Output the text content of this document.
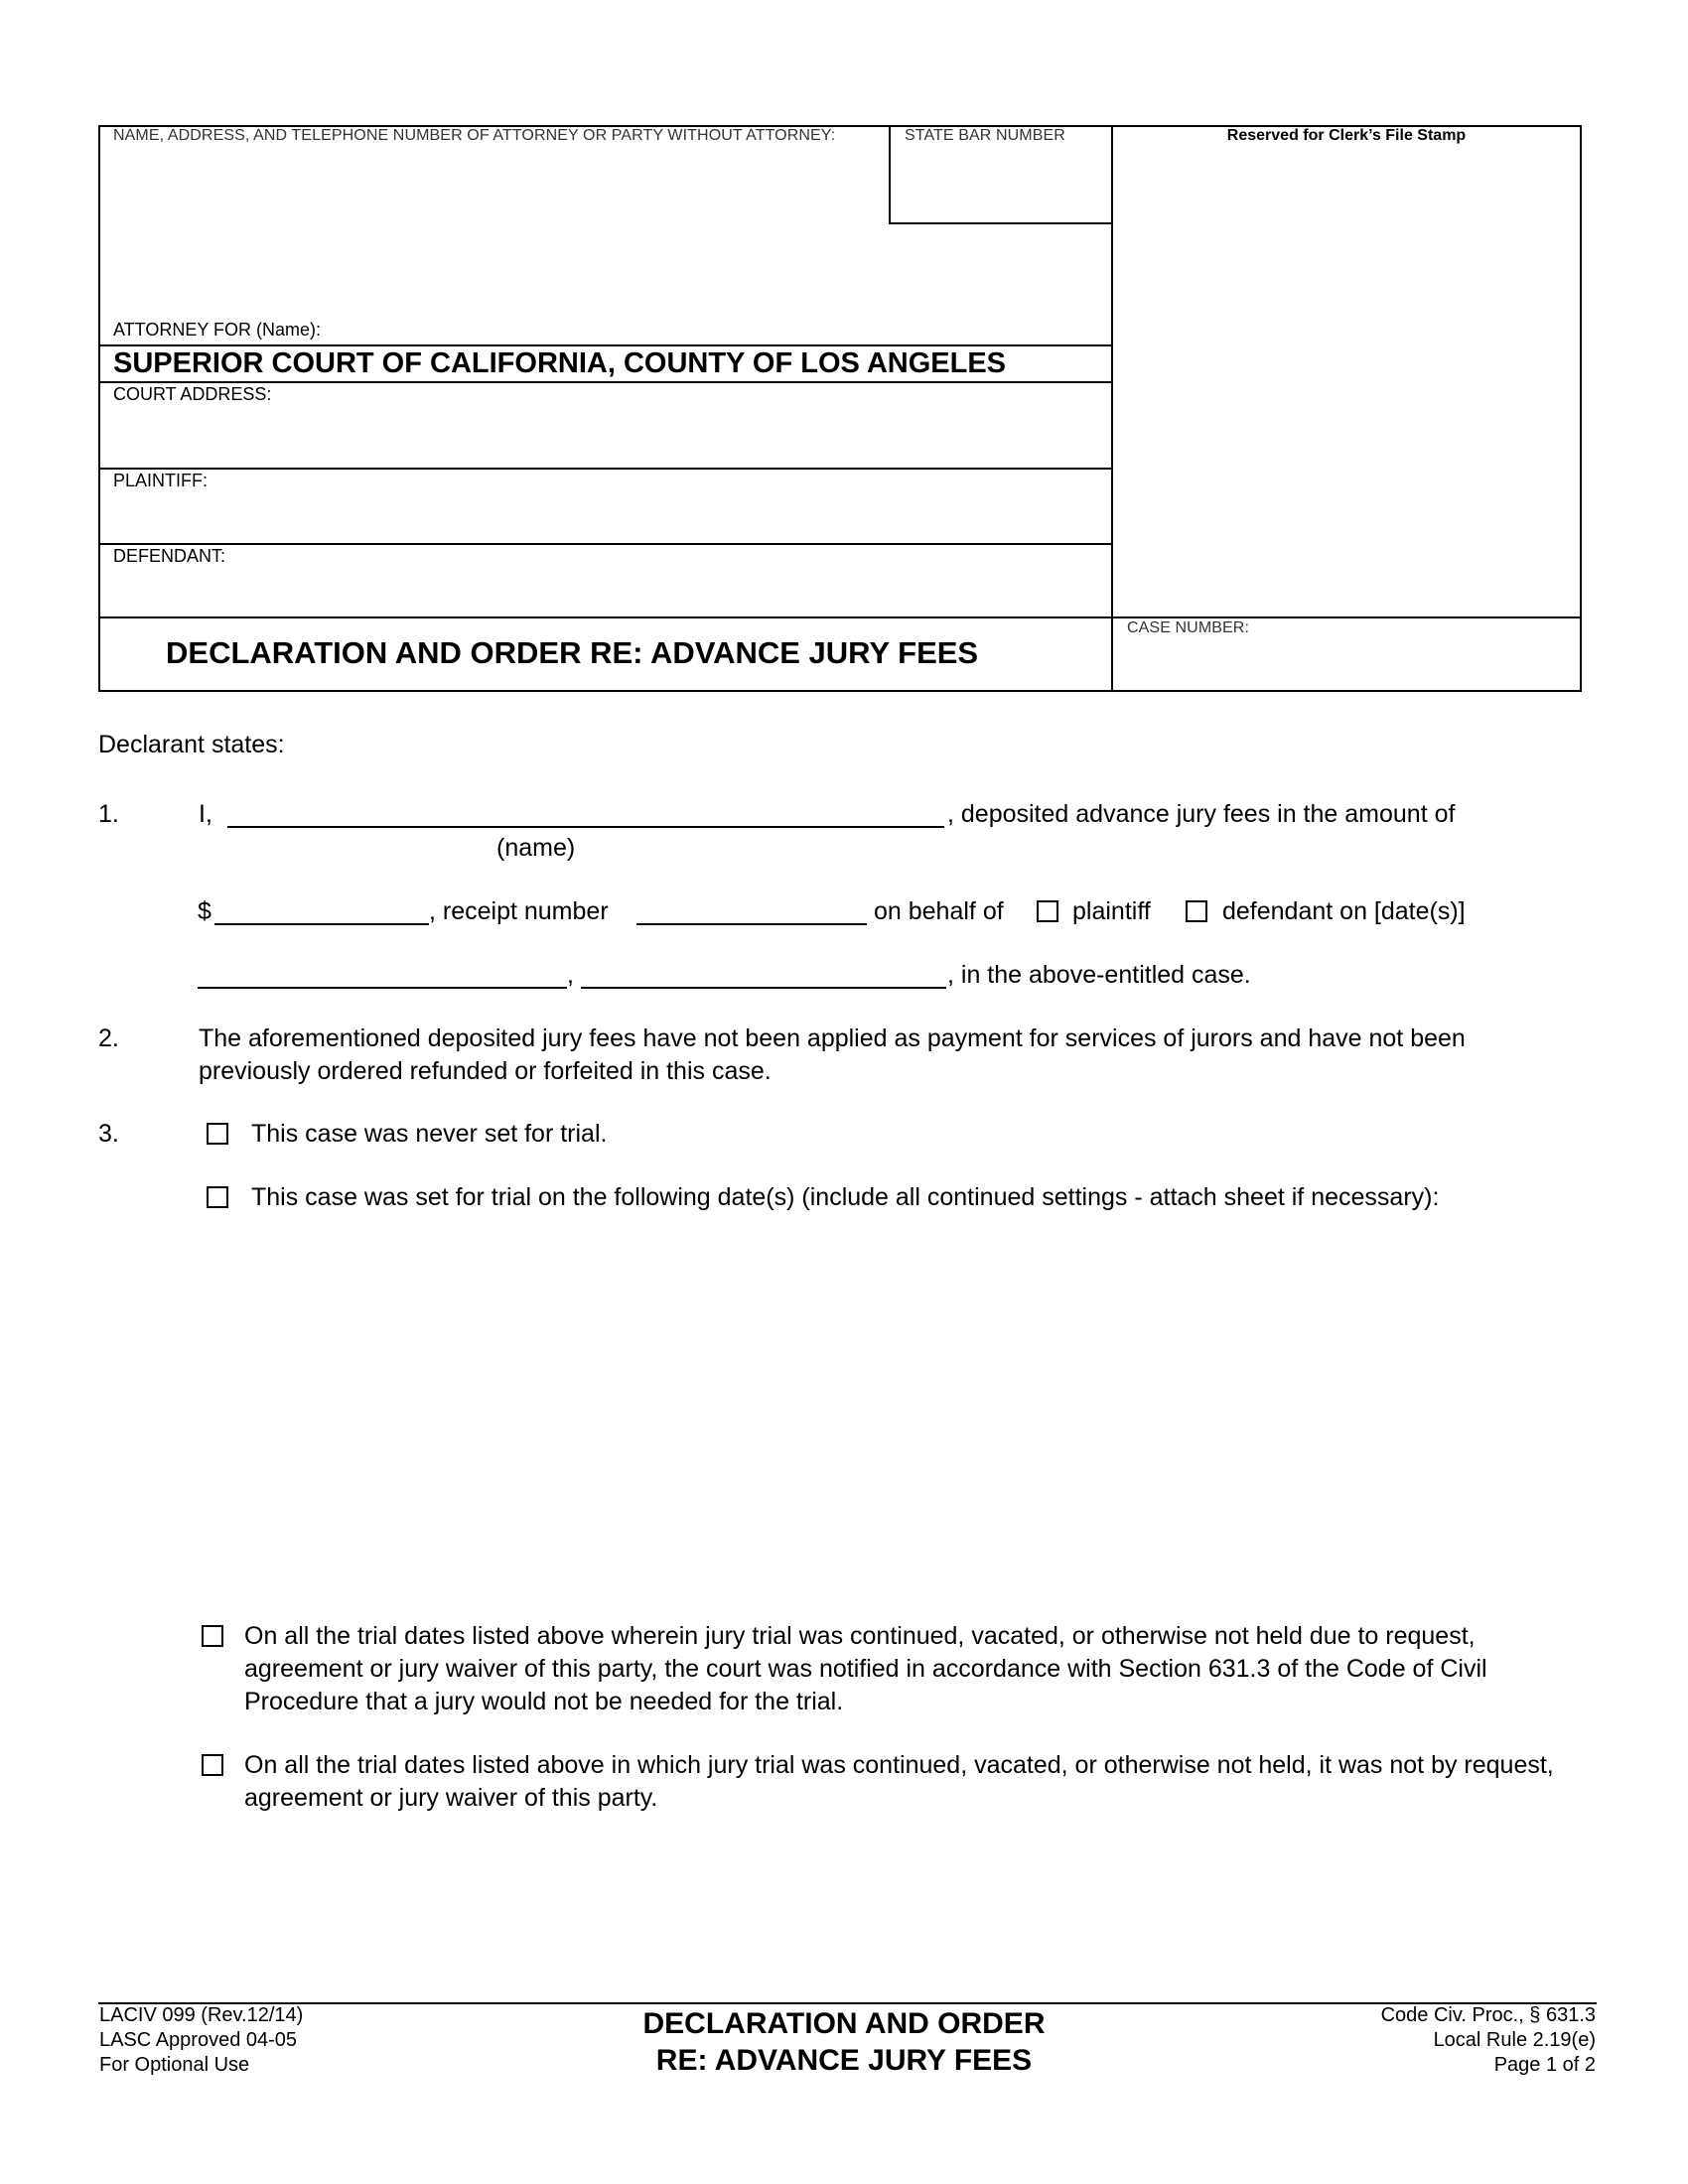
NAME, ADDRESS, AND TELEPHONE NUMBER OF ATTORNEY OR PARTY WITHOUT ATTORNEY:	STATE BAR NUMBER	Reserved for Clerk’s File Stamp
ATTORNEY FOR (Name):
SUPERIOR COURT OF CALIFORNIA, COUNTY OF LOS ANGELES
COURT ADDRESS:
PLAINTIFF:
DEFENDANT:
DECLARATION AND ORDER RE: ADVANCE JURY FEES
CASE NUMBER:
Declarant states:
1.	I,	, deposited advance jury fees in the amount of
(name)
$	, receipt number	on behalf of	plaintiff	defendant on [date(s)]
,	, in the above-entitled case.
2.	The aforementioned deposited jury fees have not been applied as payment for services of jurors and have not been previously ordered refunded or forfeited in this case.
3.	This case was never set for trial.
This case was set for trial on the following date(s) (include all continued settings - attach sheet if necessary):
On all the trial dates listed above wherein jury trial was continued, vacated, or otherwise not held due to request, agreement or jury waiver of this party, the court was notified in accordance with Section 631.3 of the Code of Civil Procedure that a jury would not be needed for the trial.
On all the trial dates listed above in which jury trial was continued, vacated, or otherwise not held, it was not by request, agreement or jury waiver of this party.
LACIV 099 (Rev.12/14)
LASC Approved 04-05
For Optional Use
DECLARATION AND ORDER
RE: ADVANCE JURY FEES
Code Civ. Proc., § 631.3
Local Rule 2.19(e)
Page 1 of 2
